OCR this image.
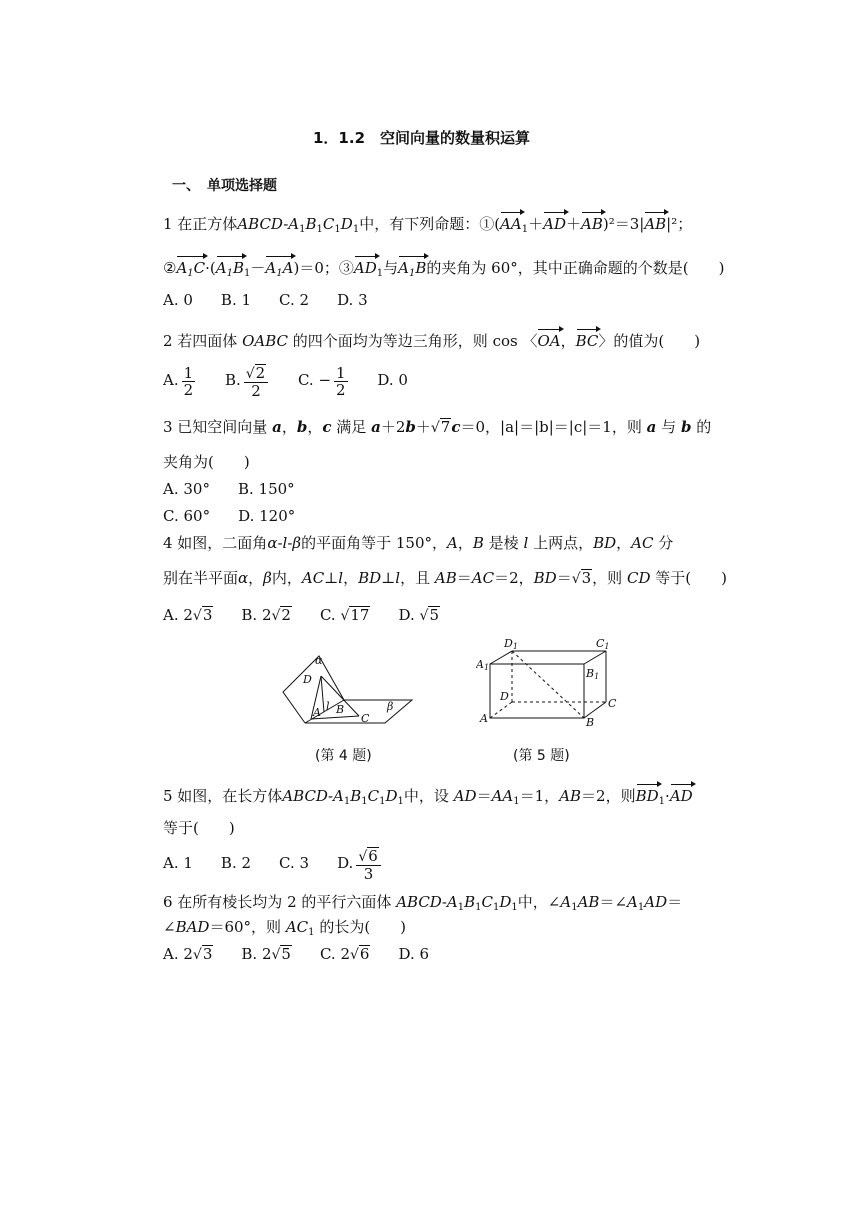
1．1.2　空间向量的数量积运算
一、　单项选择题
1 在正方体ABCD-$A_1B_1C_1D_1$中，有下列命题：$①(AA_1+AD+AB)^2=3|AB|^2$；
$②A_1C\cdot(A_1B_1-A_1A)=0$；$③AD_1$与$A_1B$的夹角为 60°，其中正确命题的个数是(　　)
A. 0 B. 1 C. 2 D. 3
2 若四面体 OABC 的四个面均为等边三角形，则 cos 〈OA，BC〉的值为(　　)
A. $\frac{1}{2} B$. $\frac{√2}{2} C$. − $\frac{1}{2} D$. 0
3 已知空间向量 a，b，c 满足 a＋2b＋√7c＝0，|a|＝|b|＝|c|＝1，则 a 与 b 的
夹角为(　　)
A. 30° B. 150°
C. 60° D. 120°
4 如图，二面角α-l-β的平面角等于 150°，A，B 是棱 l 上两点，BD，AC 分
别在半平面α，β内，AC⊥l，BD⊥l，且 AB＝AC＝2，BD＝√3，则 CD 等于(　　)
A. 2√3 B. 2√2 C. √17 D. √5
α
D
β
l
A B
C
(第 4 题)
D1	C1
A1	B1
D
C
A	B
(第 5 题)
5 如图，在长方体ABCD-$A_1B_1C_1D_1$中，设 $AD=AA_1=1$，AB＝2，则$BD_1\cdot AD$
等于(　　)
A. 1 B. 2 C. 3 D. $\frac{√6}{3}$
6 在所有棱长均为 2 的平行六面体 ABCD-$A_1B_1C_1D_1$中，$\angle A_1AB=\angle A_1AD=$
∠BAD＝60°，则 $AC_1$ 的长为(　　)
A. 2√3 B. 2√5 C. 2√6 D. 6
